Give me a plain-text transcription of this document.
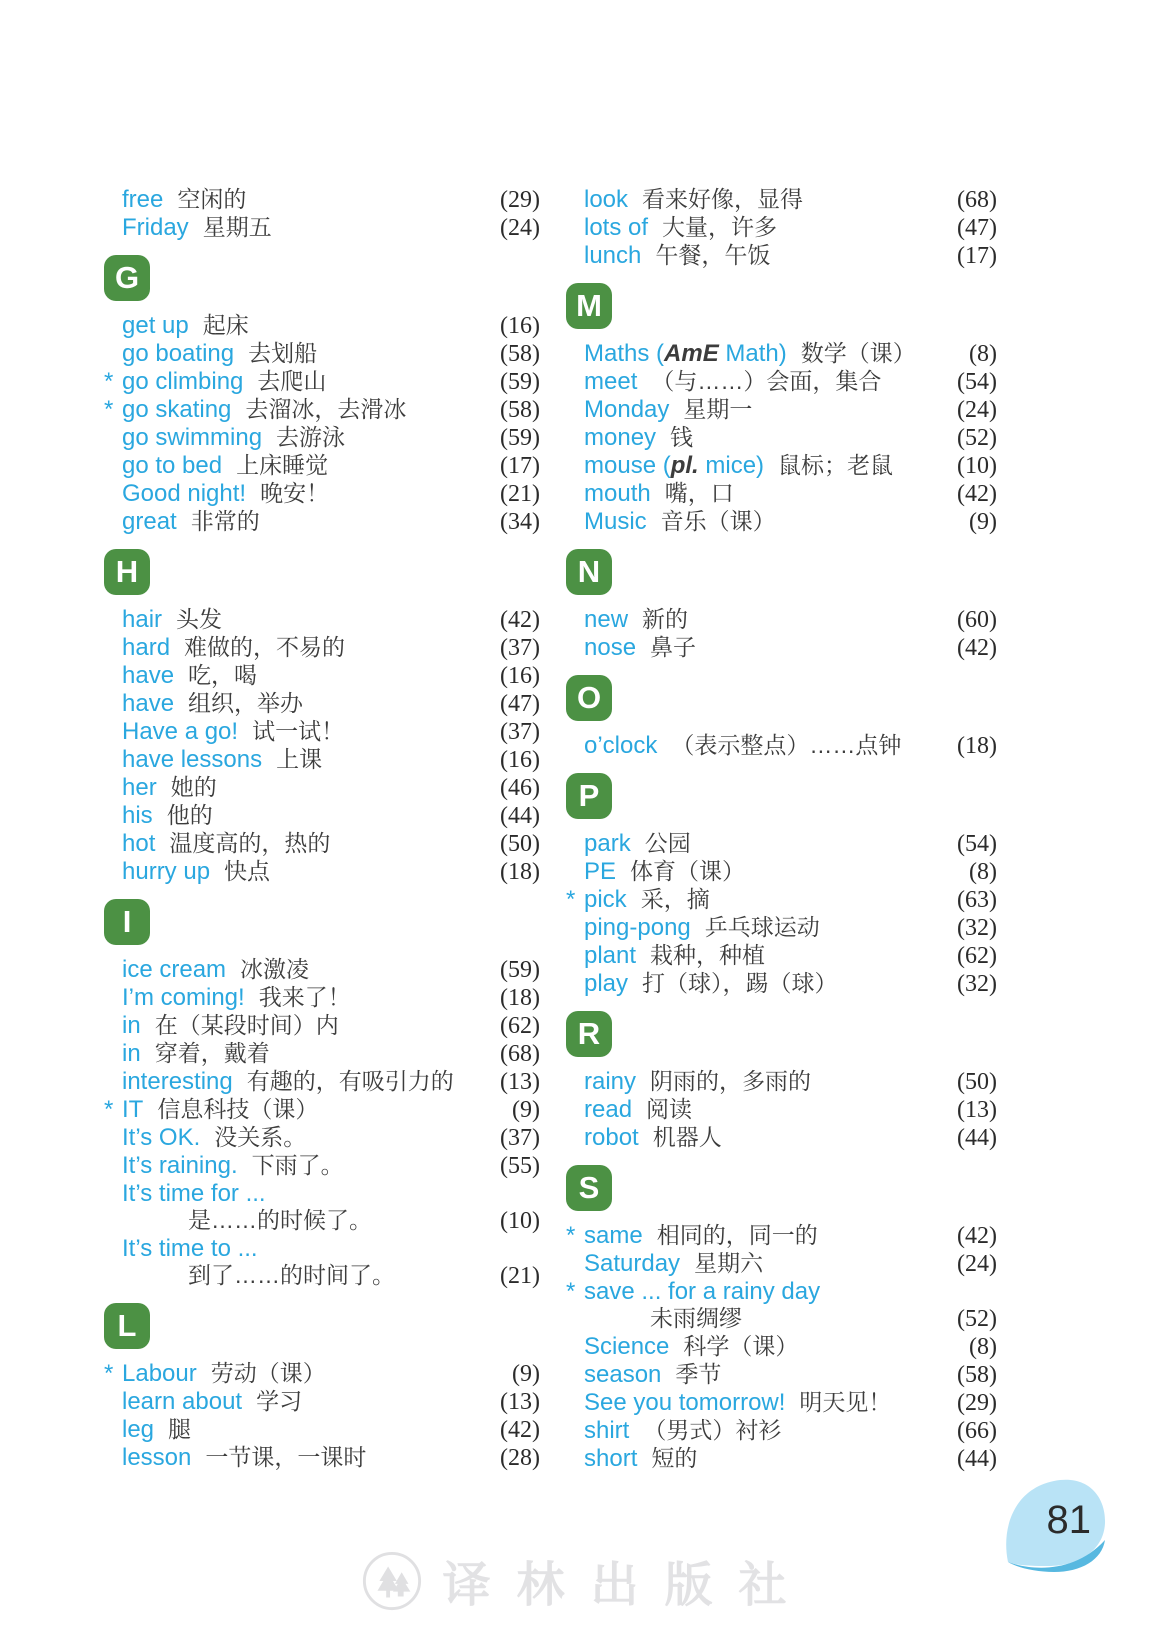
free 空闲的	(29)
Friday 星期五	(24)
G
get up 起床	(16)
go boating 去划船	(58)
* go climbing 去爬山	(59)
* go skating 去溜冰，去滑冰	(58)
go swimming 去游泳	(59)
go to bed 上床睡觉	(17)
Good night! 晚安！	(21)
great 非常的	(34)
H
hair 头发	(42)
hard 难做的，不易的	(37)
have 吃，喝	(16)
have 组织，举办	(47)
Have a go! 试一试！	(37)
have lessons 上课	(16)
her 她的	(46)
his 他的	(44)
hot 温度高的，热的	(50)
hurry up 快点	(18)
I
ice cream 冰激凌	(59)
I’m coming! 我来了！	(18)
in 在（某段时间）内	(62)
in 穿着，戴着	(68)
interesting 有趣的，有吸引力的 (13)
* IT 信息科技（课）	(9)
It’s OK. 没关系。	(37)
It’s raining. 下雨了。	(55)
It’s time for ...
是……的时候了。	(10)
It’s time to ...
到了……的时间了。	(21)
L
* Labour 劳动（课）	(9)
learn about 学习	(13)
leg 腿	(42)
lesson 一节课，一课时	(28)
look 看来好像，显得	(68)
lots of 大量，许多	(47)
lunch 午餐，午饭	(17)
M
Maths (AmE Math) 数学（课） (8)
meet （与……）会面，集合	(54)
Monday 星期一	(24)
money 钱	(52)
mouse (pl. mice) 鼠标；老鼠	(10)
mouth 嘴，口	(42)
Music 音乐（课）	(9)
N
new 新的	(60)
nose 鼻子	(42)
O
o’clock （表示整点）……点钟 (18)
P
park 公园	(54)
PE 体育（课）	(8)
* pick 采，摘	(63)
ping-pong 乒乓球运动	(32)
plant 栽种，种植	(62)
play 打（球），踢（球）	(32)
R
rainy 阴雨的，多雨的	(50)
read 阅读	(13)
robot 机器人	(44)
S
* same 相同的，同一的	(42)
Saturday 星期六	(24)
* save ... for a rainy day
未雨绸缪	(52)
Science 科学（课）	(8)
season 季节	(58)
See you tomorrow! 明天见！	(29)
shirt （男式）衬衫	(66)
short 短的	(44)
81
译林出版社
